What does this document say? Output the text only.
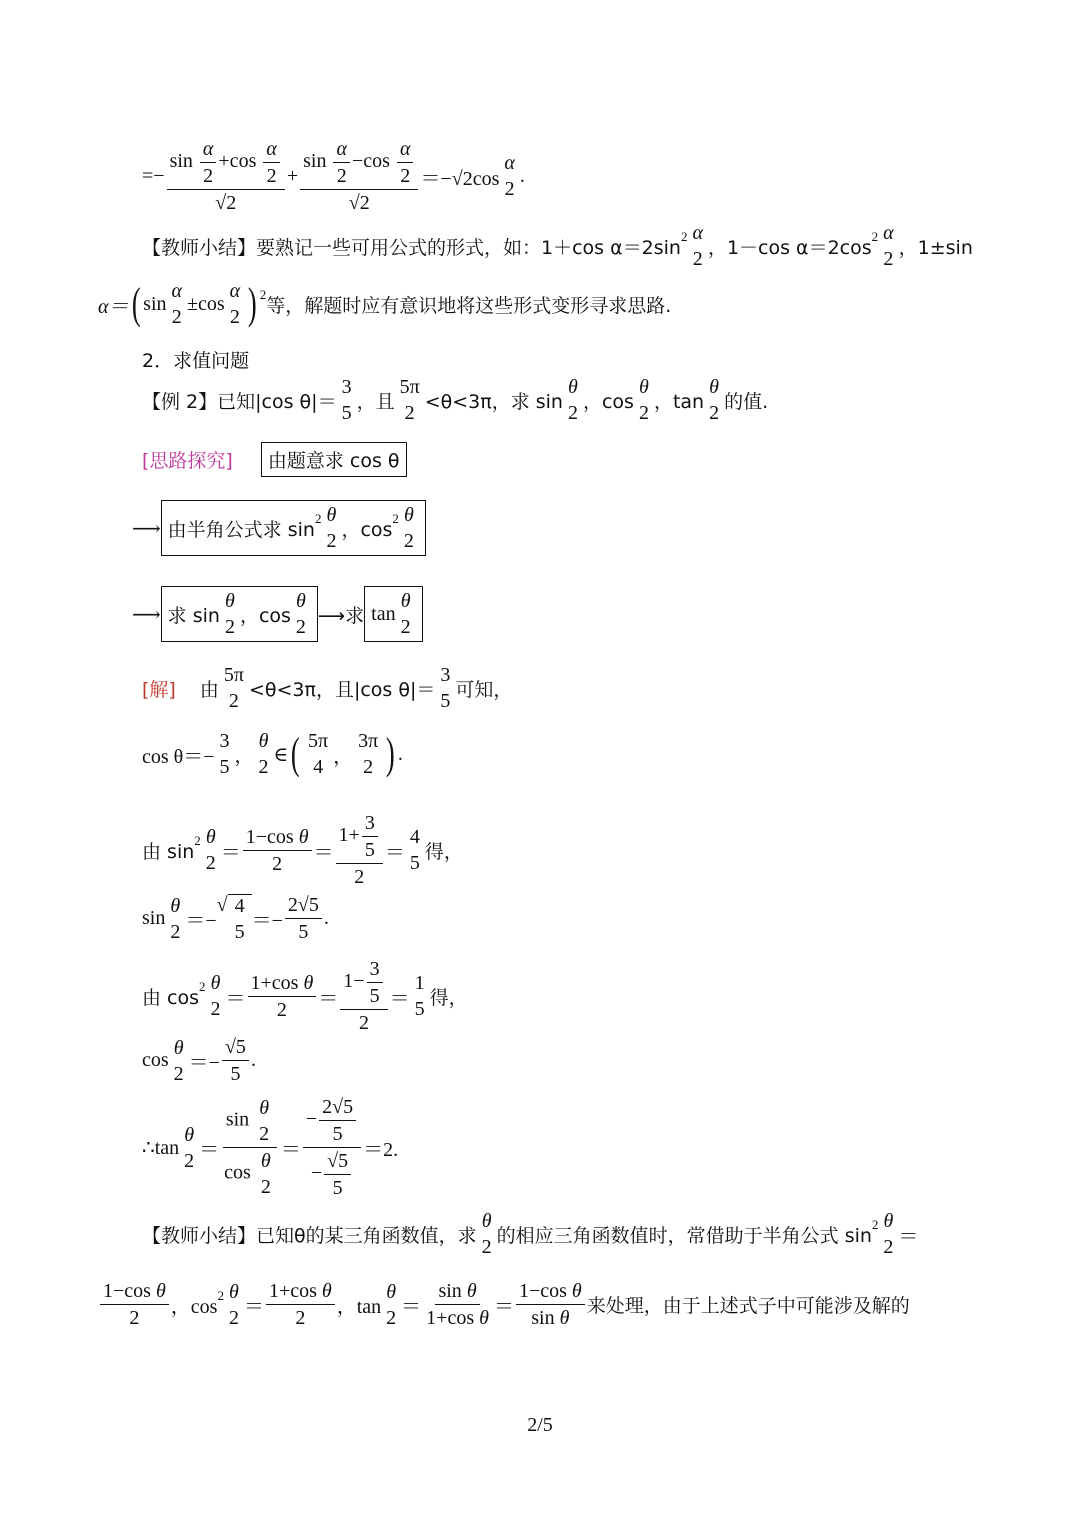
=− $\frac{\sin \frac{\alpha}{2} +\cos \frac{\alpha}{2}}{√2} + \frac{\sin \frac{\alpha}{2} -\cos \frac{\alpha}{2}}{√2} =-√2\cos$
α
2
.
【教师小结】 要熟记一些可用公式的形式，如：1＋cos α＝2sin 2 α
2
，1－cos α＝2cos 2 α
2
，1±sin
α＝ ( sin
α
2
±cos
α
2 ) 2 等，解题时应有意识地将这些形式变形寻求思路.
2．求值问题
【例 2】 已知|cos θ|＝
3
5
，且
5π
2
<θ<3π，求 sin
θ
2
，cos
θ
2
，tan
θ
2
的值.
[思路探究]	由题意求 cos θ
⟶ 由半角公式求 sin 2 θ
2
，cos 2 θ
2
⟶ 求 sin
θ
2
，cos
θ
2
⟶求 tan
θ
2
[解] 由
5π
2
<θ<3π，且|cos θ|＝
3
5
可知，
cos θ＝−
3
5
，
θ
2
∈ ( 5π
4 ，
3π
2 ) .
由 sin 2 θ
2 ＝
1−cos θ
2 ＝
$1+ \frac{3}{5}$
2
＝
4
5
得，
sin
θ
2 ＝−
√ 4
$5 =- \frac{2√5}{5}$ .
由 cos 2 θ
2 ＝
1+cos θ
2 ＝
$1- \frac{3}{5}$
2
＝
1
5
得，
cos
θ
$2 =- \frac{√5}{5}$ .
∴tan
θ
2 ＝
sin
θ
2
cos
θ
2
＝
− $\frac{2√5}{5}$
− $\frac{√5}{5} =2$.
【教师小结】 已知θ的某三角函数值，求
θ
2
的相应三角函数值时，常借助于半角公式 sin 2 θ
2 ＝
1−cos θ
2 ，cos
2 θ
2 ＝
1+cos θ
2 ，tan
θ
2 ＝
sin θ
1+cos θ ＝
1−cos θ
sin θ
来处理，由于上述式子中可能涉及解的
2/5
